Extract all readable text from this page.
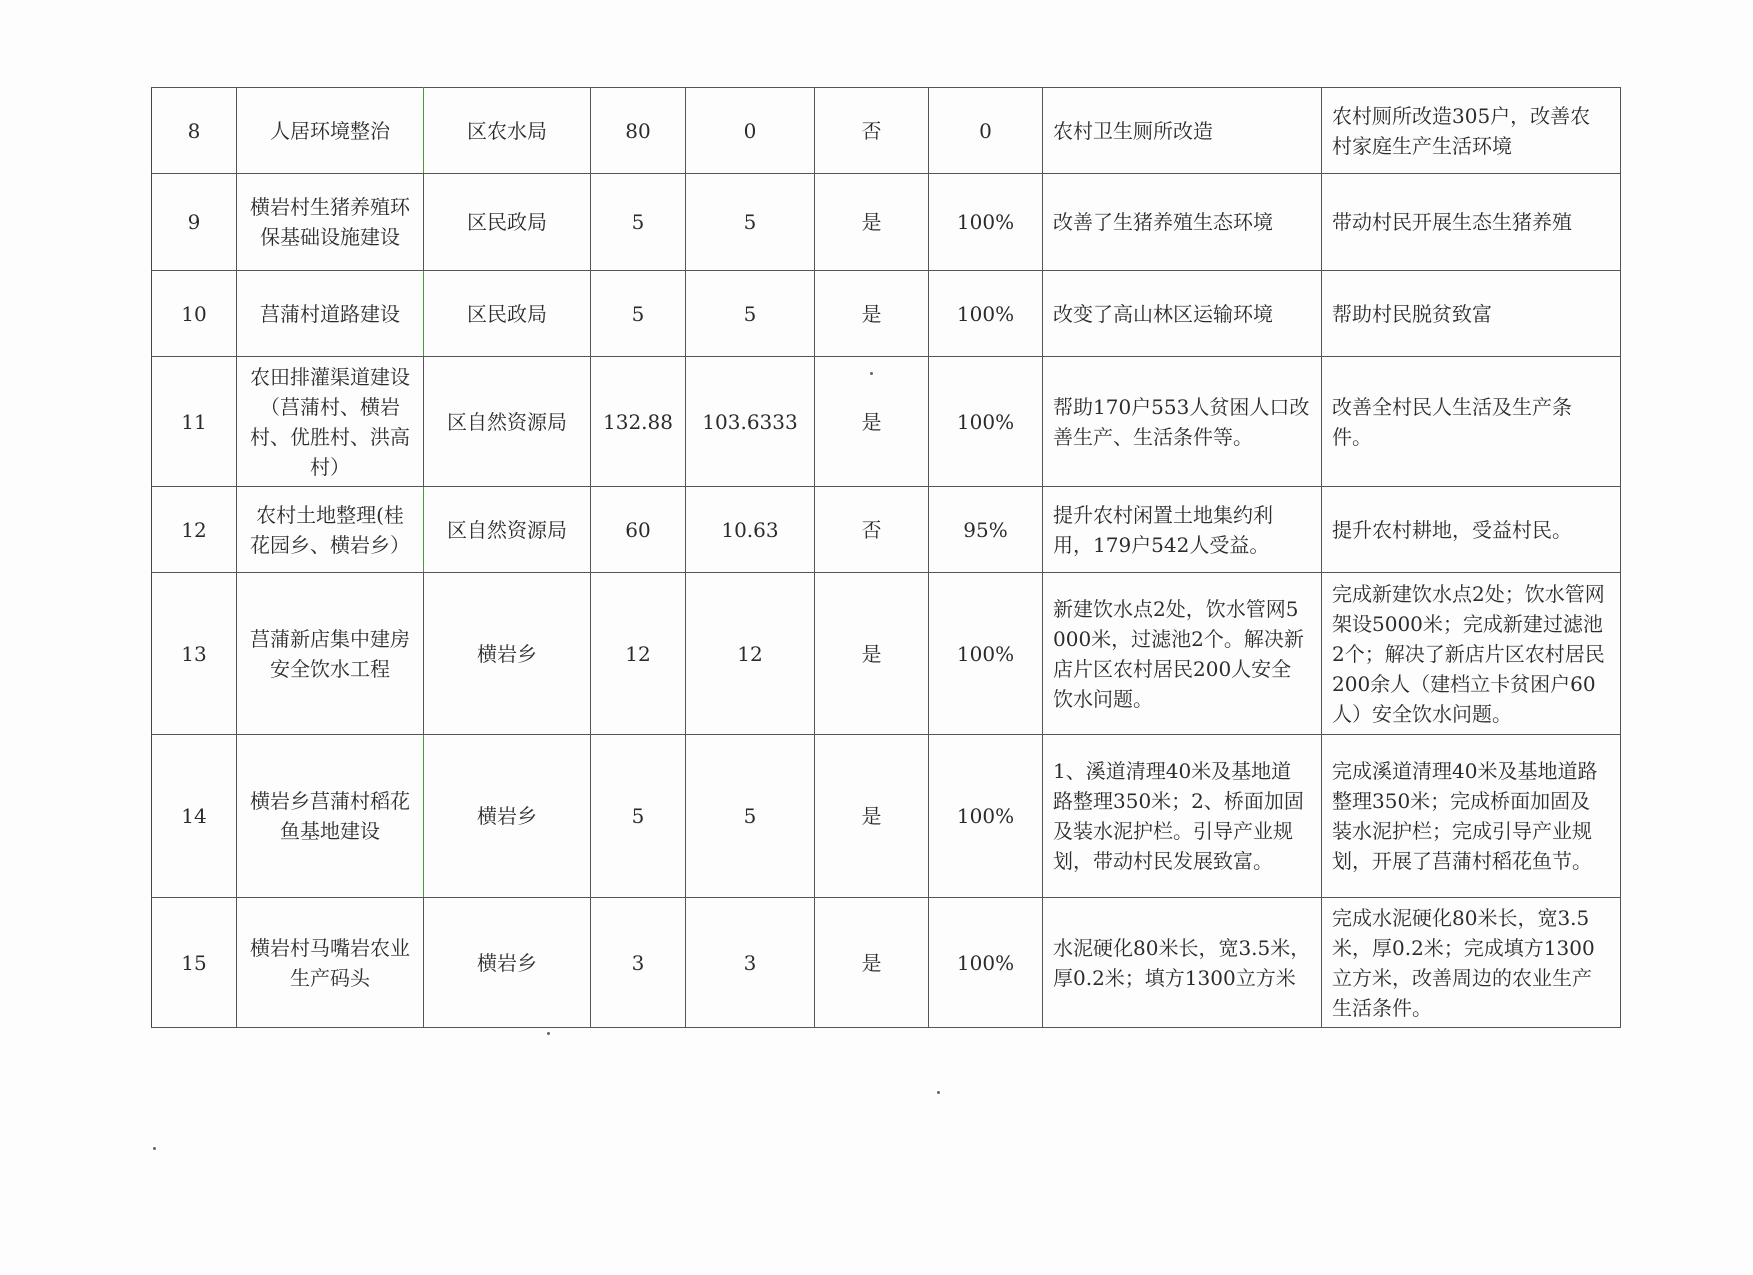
8	人居环境整治	区农水局	80	0	否	0	农村卫生厕所改造	农村厕所改造305户，改善农村家庭生产生活环境
9	横岩村生猪养殖环保基础设施建设	区民政局	5	5	是	100%	改善了生猪养殖生态环境	带动村民开展生态生猪养殖
10	莒蒲村道路建设	区民政局	5	5	是	100%	改变了高山林区运输环境	帮助村民脱贫致富
11	农田排灌渠道建设（莒蒲村、横岩村、优胜村、洪高村）	区自然资源局	132.88	103.6333	是	100%	帮助170户553人贫困人口改善生产、生活条件等。	改善全村民人生活及生产条件。
12	农村土地整理(桂花园乡、横岩乡）	区自然资源局	60	10.63	否	95%	提升农村闲置土地集约利用，179户542人受益。	提升农村耕地，受益村民。
13	莒蒲新店集中建房安全饮水工程	横岩乡	12	12	是	100%	新建饮水点2处，饮水管网5000米，过滤池2个。解决新店片区农村居民200人安全饮水问题。	完成新建饮水点2处；饮水管网架设5000米；完成新建过滤池2个；解决了新店片区农村居民200余人（建档立卡贫困户60人）安全饮水问题。
14	横岩乡莒蒲村稻花鱼基地建设	横岩乡	5	5	是	100%	1、溪道清理40米及基地道路整理350米；2、桥面加固及装水泥护栏。引导产业规划，带动村民发展致富。	完成溪道清理40米及基地道路整理350米；完成桥面加固及装水泥护栏；完成引导产业规划，开展了莒蒲村稻花鱼节。
15	横岩村马嘴岩农业生产码头	横岩乡	3	3	是	100%	水泥硬化80米长，宽3.5米，厚0.2米；填方1300立方米	完成水泥硬化80米长，宽3.5米，厚0.2米；完成填方1300立方米，改善周边的农业生产生活条件。
